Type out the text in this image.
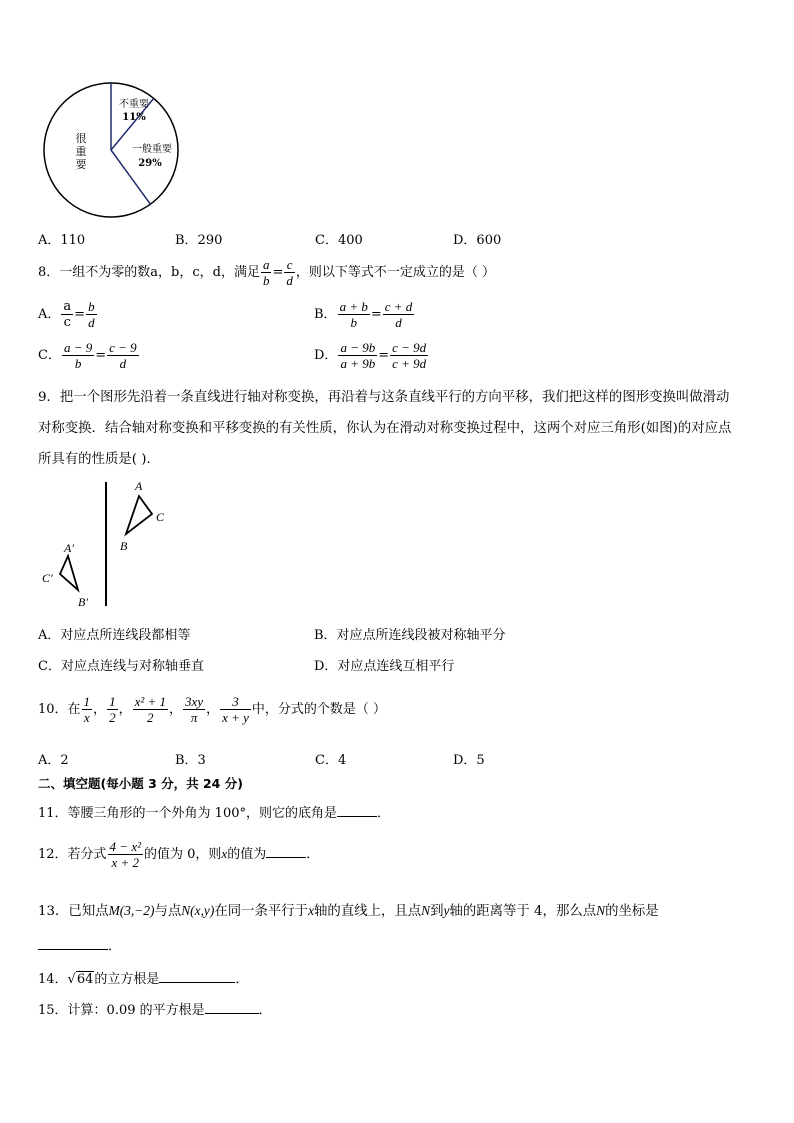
很重要
不重要
11%
一般重要
29%
A．110	B．290	C．400	D．600
8．一组不为零的数a，b，c，d，满足 $\frac{a}{b} = \frac{c}{d}$ ，则以下等式不一定成立的是（ ）
A． $\frac{a}{c} = \frac{b}{d}$	B． $\frac{a + b}{b} = \frac{c + d}{d}$
C． $\frac{a - 9}{b} = \frac{c - 9}{d}$	D． $\frac{a - 9b}{a + 9b} = \frac{c - 9d}{c + 9d}$
9．把一个图形先沿着一条直线进行轴对称变换，再沿着与这条直线平行的方向平移，我们把这样的图形变换叫做滑动
对称变换．结合轴对称变换和平移变换的有关性质，你认为在滑动对称变换过程中，这两个对应三角形(如图)的对应点
所具有的性质是( )．
A
C
B
A′
C′
B′
A．对应点所连线段都相等	B．对应点所连线段被对称轴平分
C．对应点连线与对称轴垂直	D．对应点连线互相平行
10．在 $\frac{1}{x}$ ， $\frac{1}{2}$ ， $\frac{\text{x² + 1}}{2}$ ， $\frac{3xy}{\pi}$ ， $\frac{3}{x + y}$ 中，分式的个数是（ ）
A．2	B．3	C．4	D．5
二、填空题(每小题 3 分，共 24 分)
11．等腰三角形的一个外角为 100°，则它的底角是	．
12．若分式 $\frac{\text{4 − x²}}{x + 2}$ 的值为 0，则x的值为	．
13．已知点M(3,−2)与点N(x,y)在同一条平行于x轴的直线上，且点N到y轴的距离等于 4，那么点N的坐标是
．
14．√64的立方根是	．
15．计算：0.09 的平方根是	．
